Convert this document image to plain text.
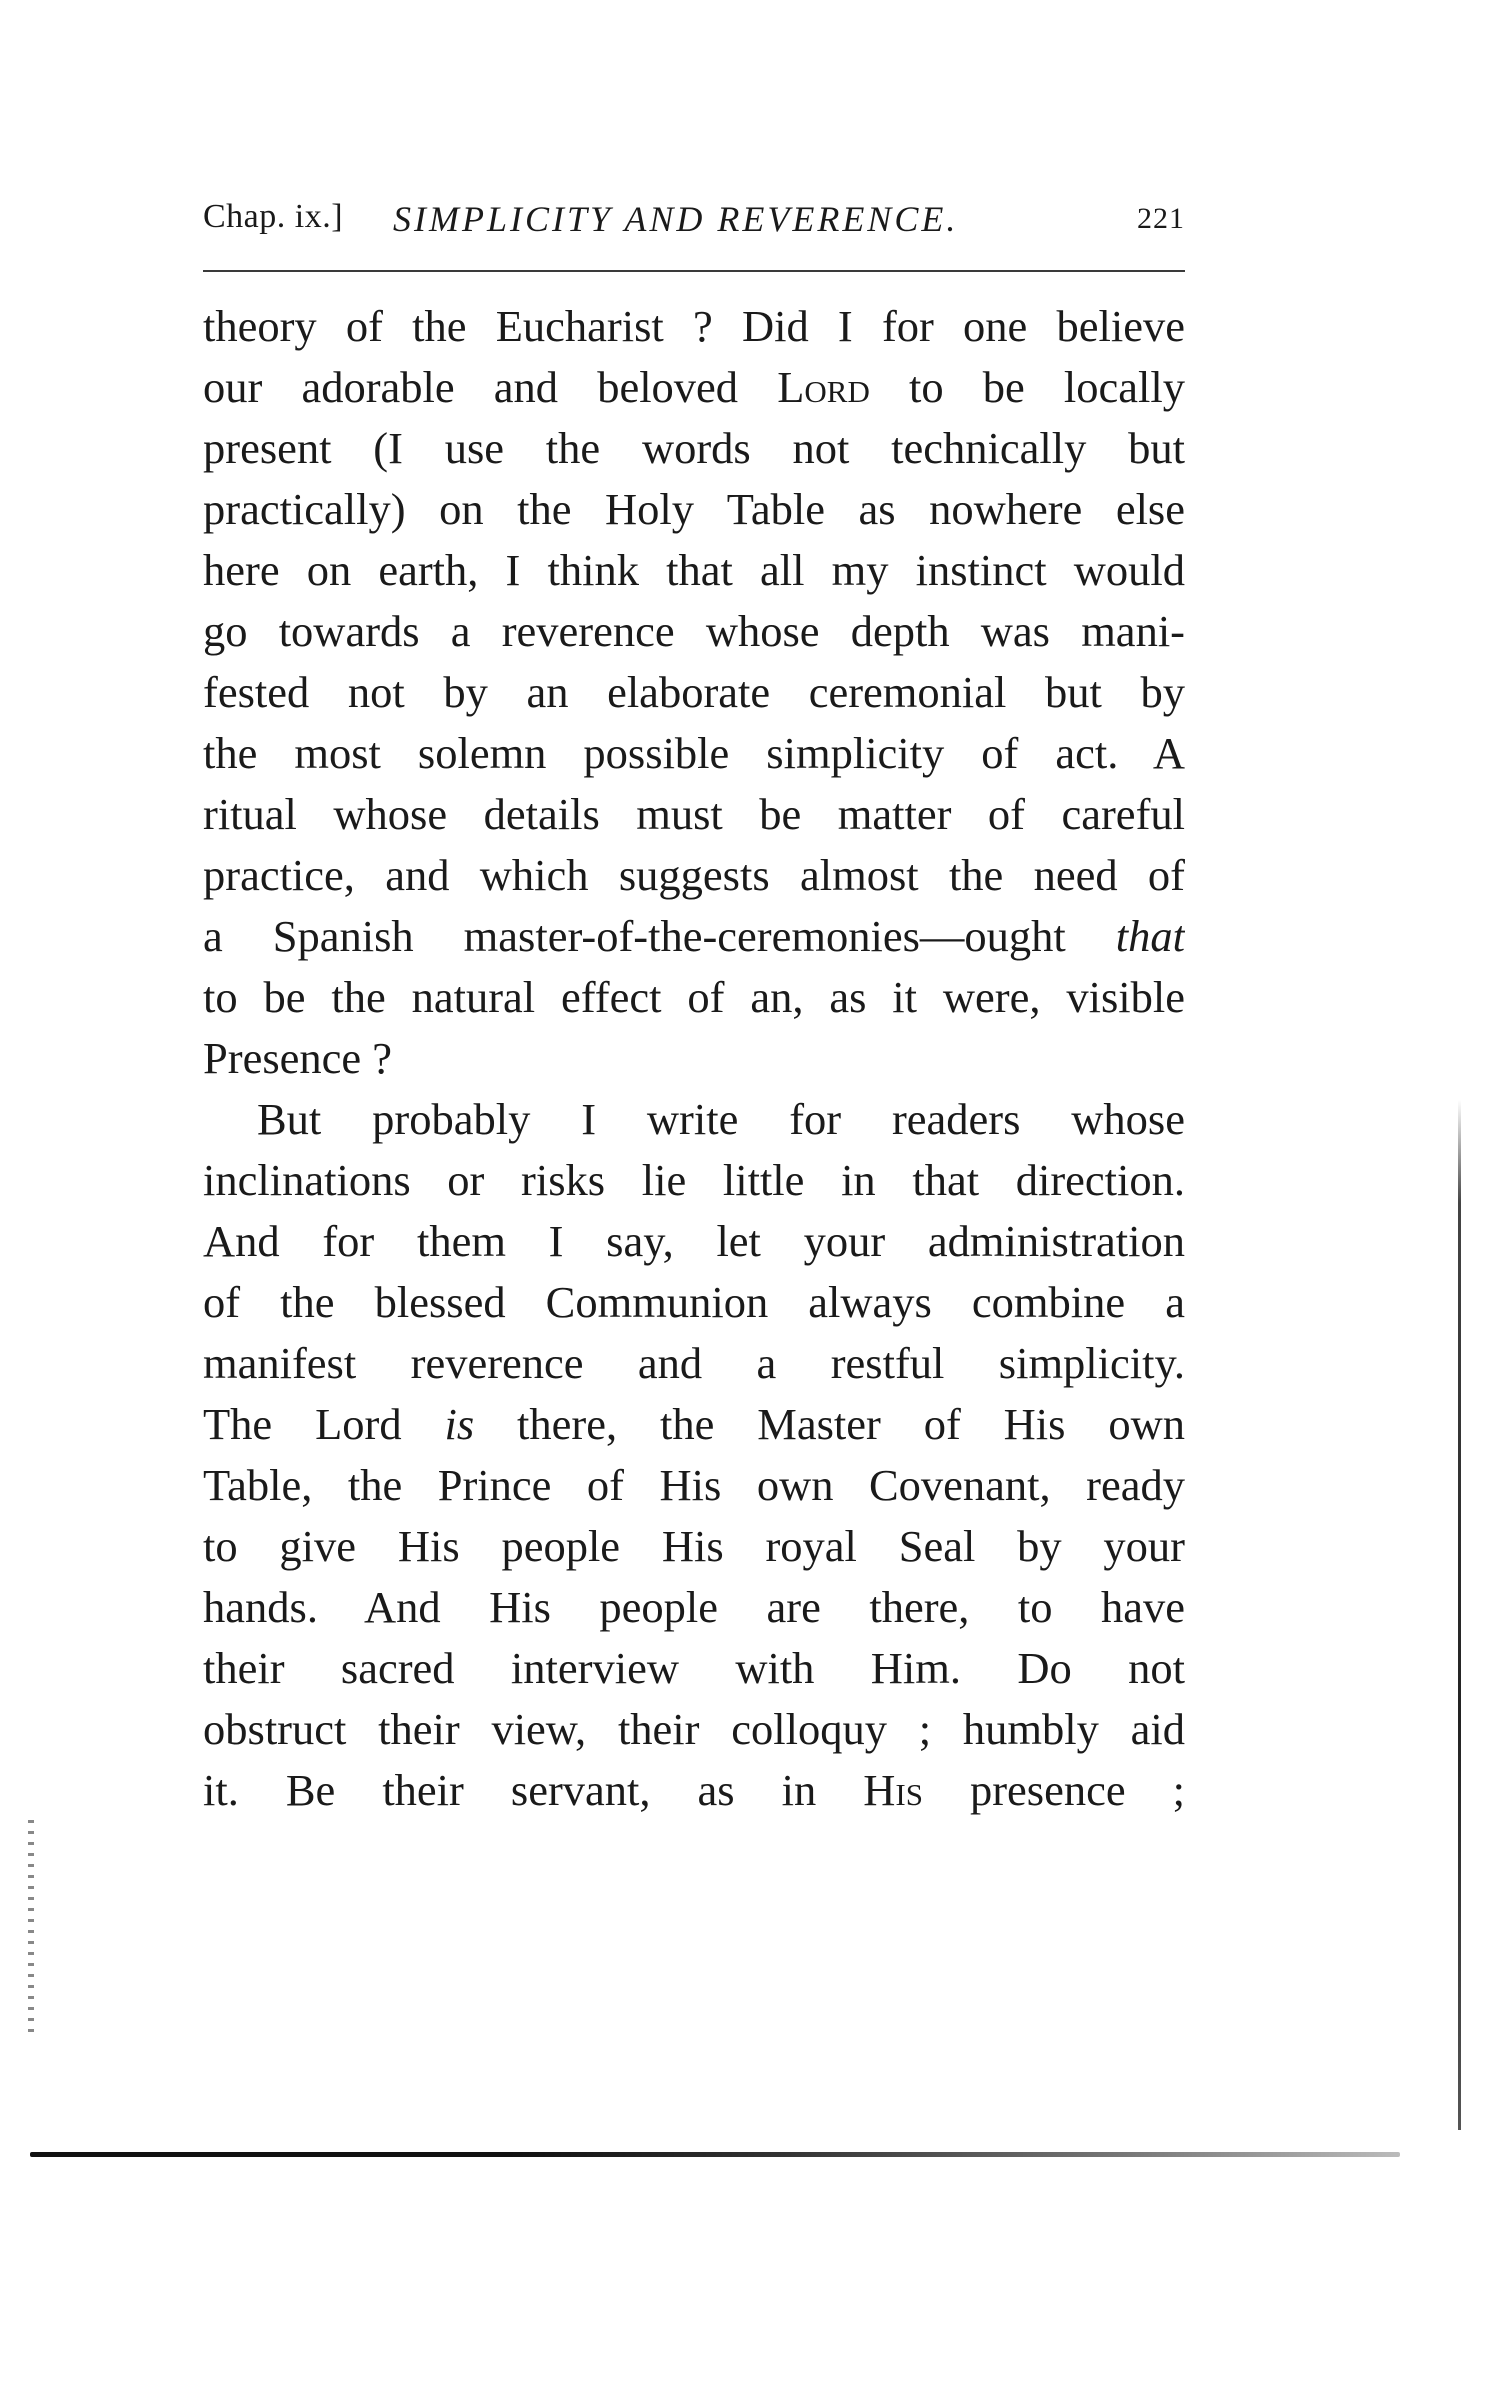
Chap. ix.] SIMPLICITY AND REVERENCE.	221
theory of the Eucharist ? Did I for one believe
our adorable and beloved Lord to be locally
present (I use the words not technically but
practically) on the Holy Table as nowhere else
here on earth, I think that all my instinct would
go towards a reverence whose depth was mani-
fested not by an elaborate ceremonial but by
the most solemn possible simplicity of act. A
ritual whose details must be matter of careful
practice, and which suggests almost the need of
a Spanish master-of-the-ceremonies—ought that
to be the natural effect of an, as it were, visible
Presence ?
But probably I write for readers whose
inclinations or risks lie little in that direction.
And for them I say, let your administration
of the blessed Communion always combine a
manifest reverence and a restful simplicity.
The Lord is there, the Master of His own
Table, the Prince of His own Covenant, ready
to give His people His royal Seal by your
hands. And His people are there, to have
their sacred interview with Him. Do not
obstruct their view, their colloquy ; humbly aid
it. Be their servant, as in His presence ;
